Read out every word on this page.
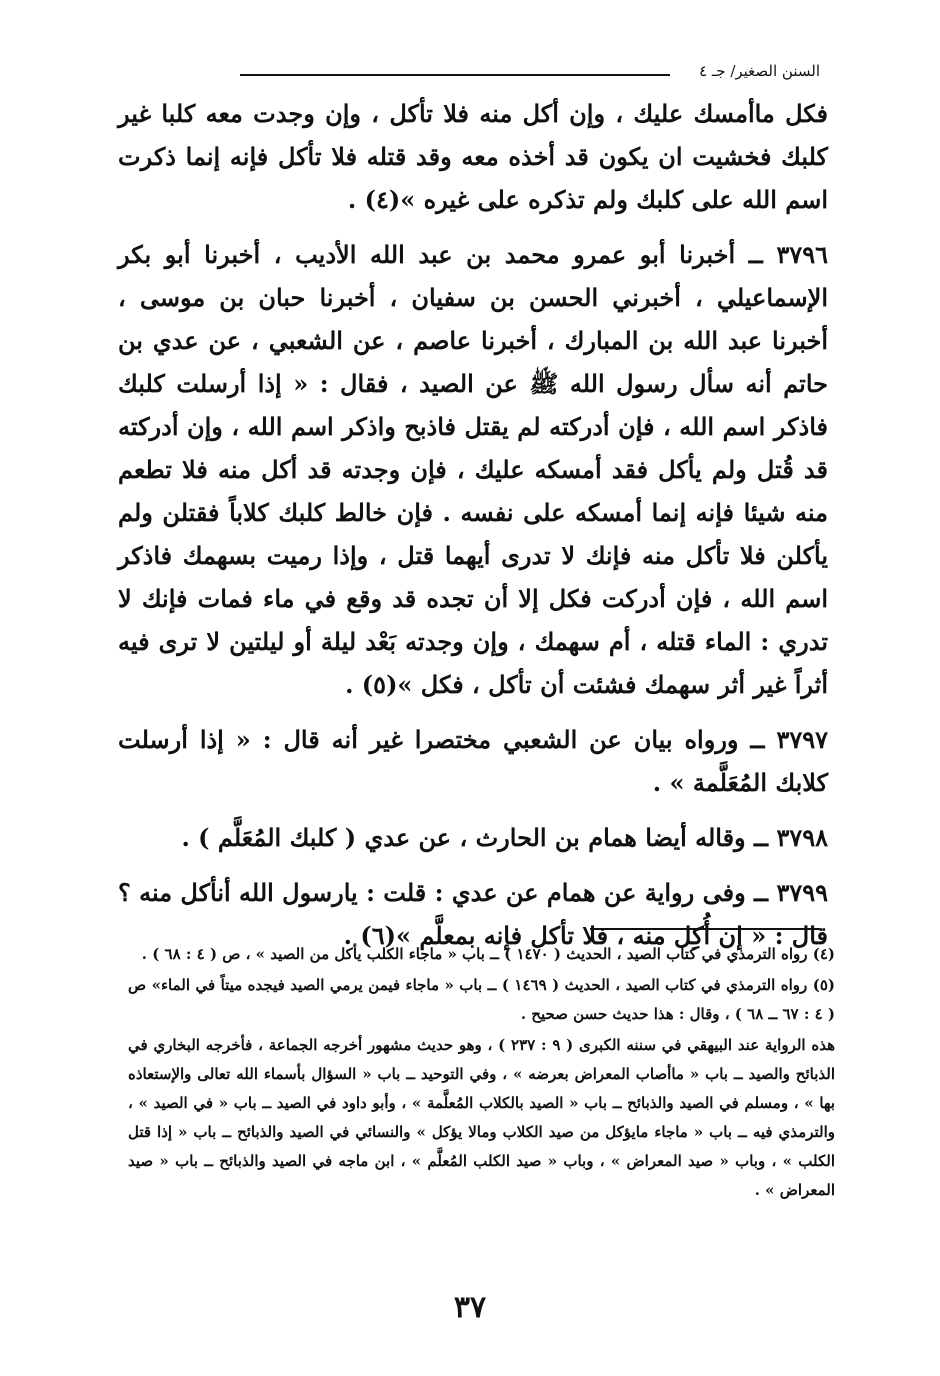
السنن الصغير/ جـ ٤

فكل ماأمسك عليك ، وإن أكل منه فلا تأكل ، وإن وجدت معه كلبا غير كلبك فخشيت ان يكون قد أخذه معه وقد قتله فلا تأكل فإنه إنما ذكرت اسم الله على كلبك ولم تذكره على غيره »(٤) .

٣٧٩٦ ــ أخبرنا أبو عمرو محمد بن عبد الله الأديب ، أخبرنا أبو بكر الإسماعيلي ، أخبرني الحسن بن سفيان ، أخبرنا حبان بن موسى ، أخبرنا عبد الله بن المبارك ، أخبرنا عاصم ، عن الشعبي ، عن عدي بن حاتم أنه سأل رسول الله ﷺ عن الصيد ، فقال : « إذا أرسلت كلبك فاذكر اسم الله ، فإن أدركته لم يقتل فاذبح واذكر اسم الله ، وإن أدركته قد قُتل ولم يأكل فقد أمسكه عليك ، فإن وجدته قد أكل منه فلا تطعم منه شيئا فإنه إنما أمسكه على نفسه . فإن خالط كلبك كلاباً فقتلن ولم يأكلن فلا تأكل منه فإنك لا تدرى أيهما قتل ، وإذا رميت بسهمك فاذكر اسم الله ، فإن أدركت فكل إلا أن تجده قد وقع في ماء فمات فإنك لا تدري : الماء قتله ، أم سهمك ، وإن وجدته بَعْد ليلة أو ليلتين لا ترى فيه أثراً غير أثر سهمك فشئت أن تأكل ، فكل »(٥) .

٣٧٩٧ ــ ورواه بيان عن الشعبي مختصرا غير أنه قال : « إذا أرسلت كلابك المُعَلَّمة » .

٣٧٩٨ ــ وقاله أيضا همام بن الحارث ، عن عدي ( كلبك المُعَلَّم ) .

٣٧٩٩ ــ وفى رواية عن همام عن عدي : قلت : يارسول الله أنأكل منه ؟ قال : « إن أُكِل منه ، فلا تأكل فإنه بمعلَّم »(٦) .

(٤) رواه الترمذي في كتاب الصيد ، الحديث ( ١٤٧٠ ) ــ باب « ماجاء الكلب يأكل من الصيد » ، ص ( ٤ : ٦٨ ) .

(٥) رواه الترمذي في كتاب الصيد ، الحديث ( ١٤٦٩ ) ــ باب « ماجاء فيمن يرمي الصيد فيجده ميتاً في الماء» ص ( ٤ : ٦٧ ــ ٦٨ ) ، وقال : هذا حديث حسن صحيح .

هذه الرواية عند البيهقي في سننه الكبرى ( ٩ : ٢٣٧ ) ، وهو حديث مشهور أخرجه الجماعة ، فأخرجه البخاري في الذبائح والصيد ــ باب « ماأصاب المعراض بعرضه » ، وفي التوحيد ــ باب « السؤال بأسماء الله تعالى والإستعاذه بها » ، ومسلم في الصيد والذبائح ــ باب « الصيد بالكلاب المُعلَّمة » ، وأبو داود في الصيد ــ باب « في الصيد » ، والترمذي فيه ــ باب « ماجاء مايؤكل من صيد الكلاب ومالا يؤكل » والنسائي في الصيد والذبائح ــ باب « إذا قتل الكلب » ، وباب « صيد المعراض » ، وباب « صيد الكلب المُعلَّم » ، ابن ماجه في الصيد والذبائح ــ باب « صيد المعراض » .

٣٧
